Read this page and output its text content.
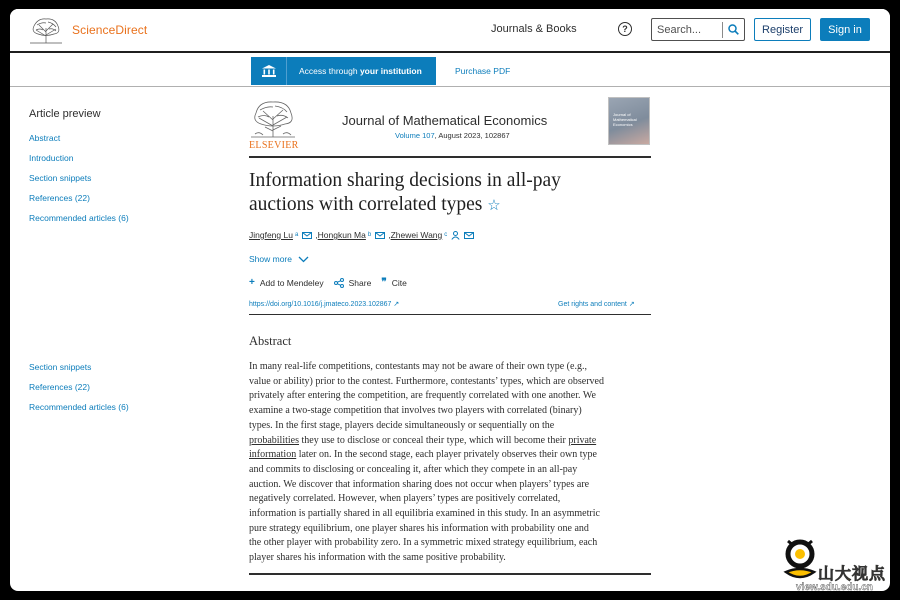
ScienceDirect	Journals & Books	?
Search...	Register	Sign in
Access through your institution	Purchase PDF
Article preview
Abstract
Introduction
Section snippets
References (22)
Recommended articles (6)
Section snippets
References (22)
Recommended articles (6)
ELSEVIER
Journal of Mathematical Economics
Volume 107, August 2023, 102867
Journal of Mathematical Economics
Information sharing decisions in all-pay
auctions with correlated types ☆
Jingfeng Lu a , Hongkun Ma b , Zhewei Wang c
Show more
+ Add to Mendeley	Share ❞ Cite
https://doi.org/10.1016/j.jmateco.2023.102867 ↗	Get rights and content ↗
Abstract
In many real-life competitions, contestants may not be aware of their own type (e.g.,
value or ability) prior to the contest. Furthermore, contestants’ types, which are observed
privately after entering the competition, are frequently correlated with one another. We
examine a two-stage competition that involves two players with correlated (binary)
types. In the first stage, players decide simultaneously or sequentially on the
probabilities they use to disclose or conceal their type, which will become their private
information later on. In the second stage, each player privately observes their own type
and commits to disclosing or concealing it, after which they compete in an all-pay
auction. We discover that information sharing does not occur when players’ types are
negatively correlated. However, when players’ types are positively correlated,
information is partially shared in all equilibria examined in this study. In an asymmetric
pure strategy equilibrium, one player shares his information with probability one and
the other player with probability zero. In a symmetric mixed strategy equilibrium, each
player shares his information with the same positive probability.
山大视点
view.sdu.edu.cn
